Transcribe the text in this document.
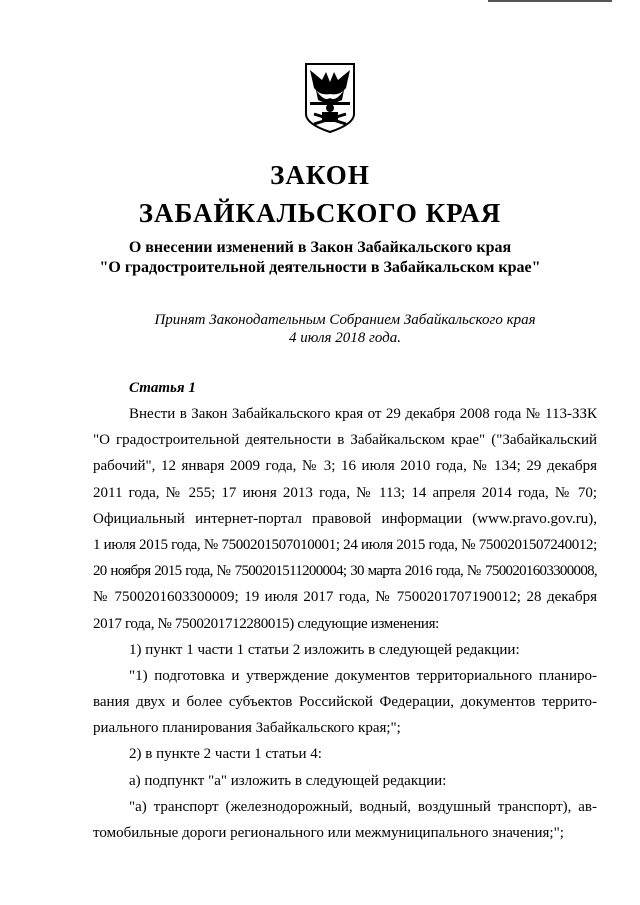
ЗАКОН
ЗАБАЙКАЛЬСКОГО КРАЯ
О внесении изменений в Закон Забайкальского края
"О градостроительной деятельности в Забайкальском крае"
Принят Законодательным Собранием Забайкальского края
4 июля 2018 года.
Статья 1
Внести в Закон Забайкальского края от 29 декабря 2008 года № 113-ЗЗК
"О градостроительной деятельности в Забайкальском крае" ("Забайкальский
рабочий", 12 января 2009 года, № 3; 16 июля 2010 года, № 134; 29 декабря
2011 года, № 255; 17 июня 2013 года, № 113; 14 апреля 2014 года, № 70;
Официальный интернет-портал правовой информации (www.pravo.gov.ru),
1 июля 2015 года, № 7500201507010001; 24 июля 2015 года, № 7500201507240012;
20 ноября 2015 года, № 7500201511200004; 30 марта 2016 года, № 7500201603300008,
№ 7500201603300009; 19 июля 2017 года, № 7500201707190012; 28 декабря
2017 года, № 7500201712280015) следующие изменения:
1) пункт 1 части 1 статьи 2 изложить в следующей редакции:
"1) подготовка и утверждение документов территориального планиро-
вания двух и более субъектов Российской Федерации, документов террито-
риального планирования Забайкальского края;";
2) в пункте 2 части 1 статьи 4:
а) подпункт "а" изложить в следующей редакции:
"а) транспорт (железнодорожный, водный, воздушный транспорт), ав-
томобильные дороги регионального или межмуниципального значения;";
